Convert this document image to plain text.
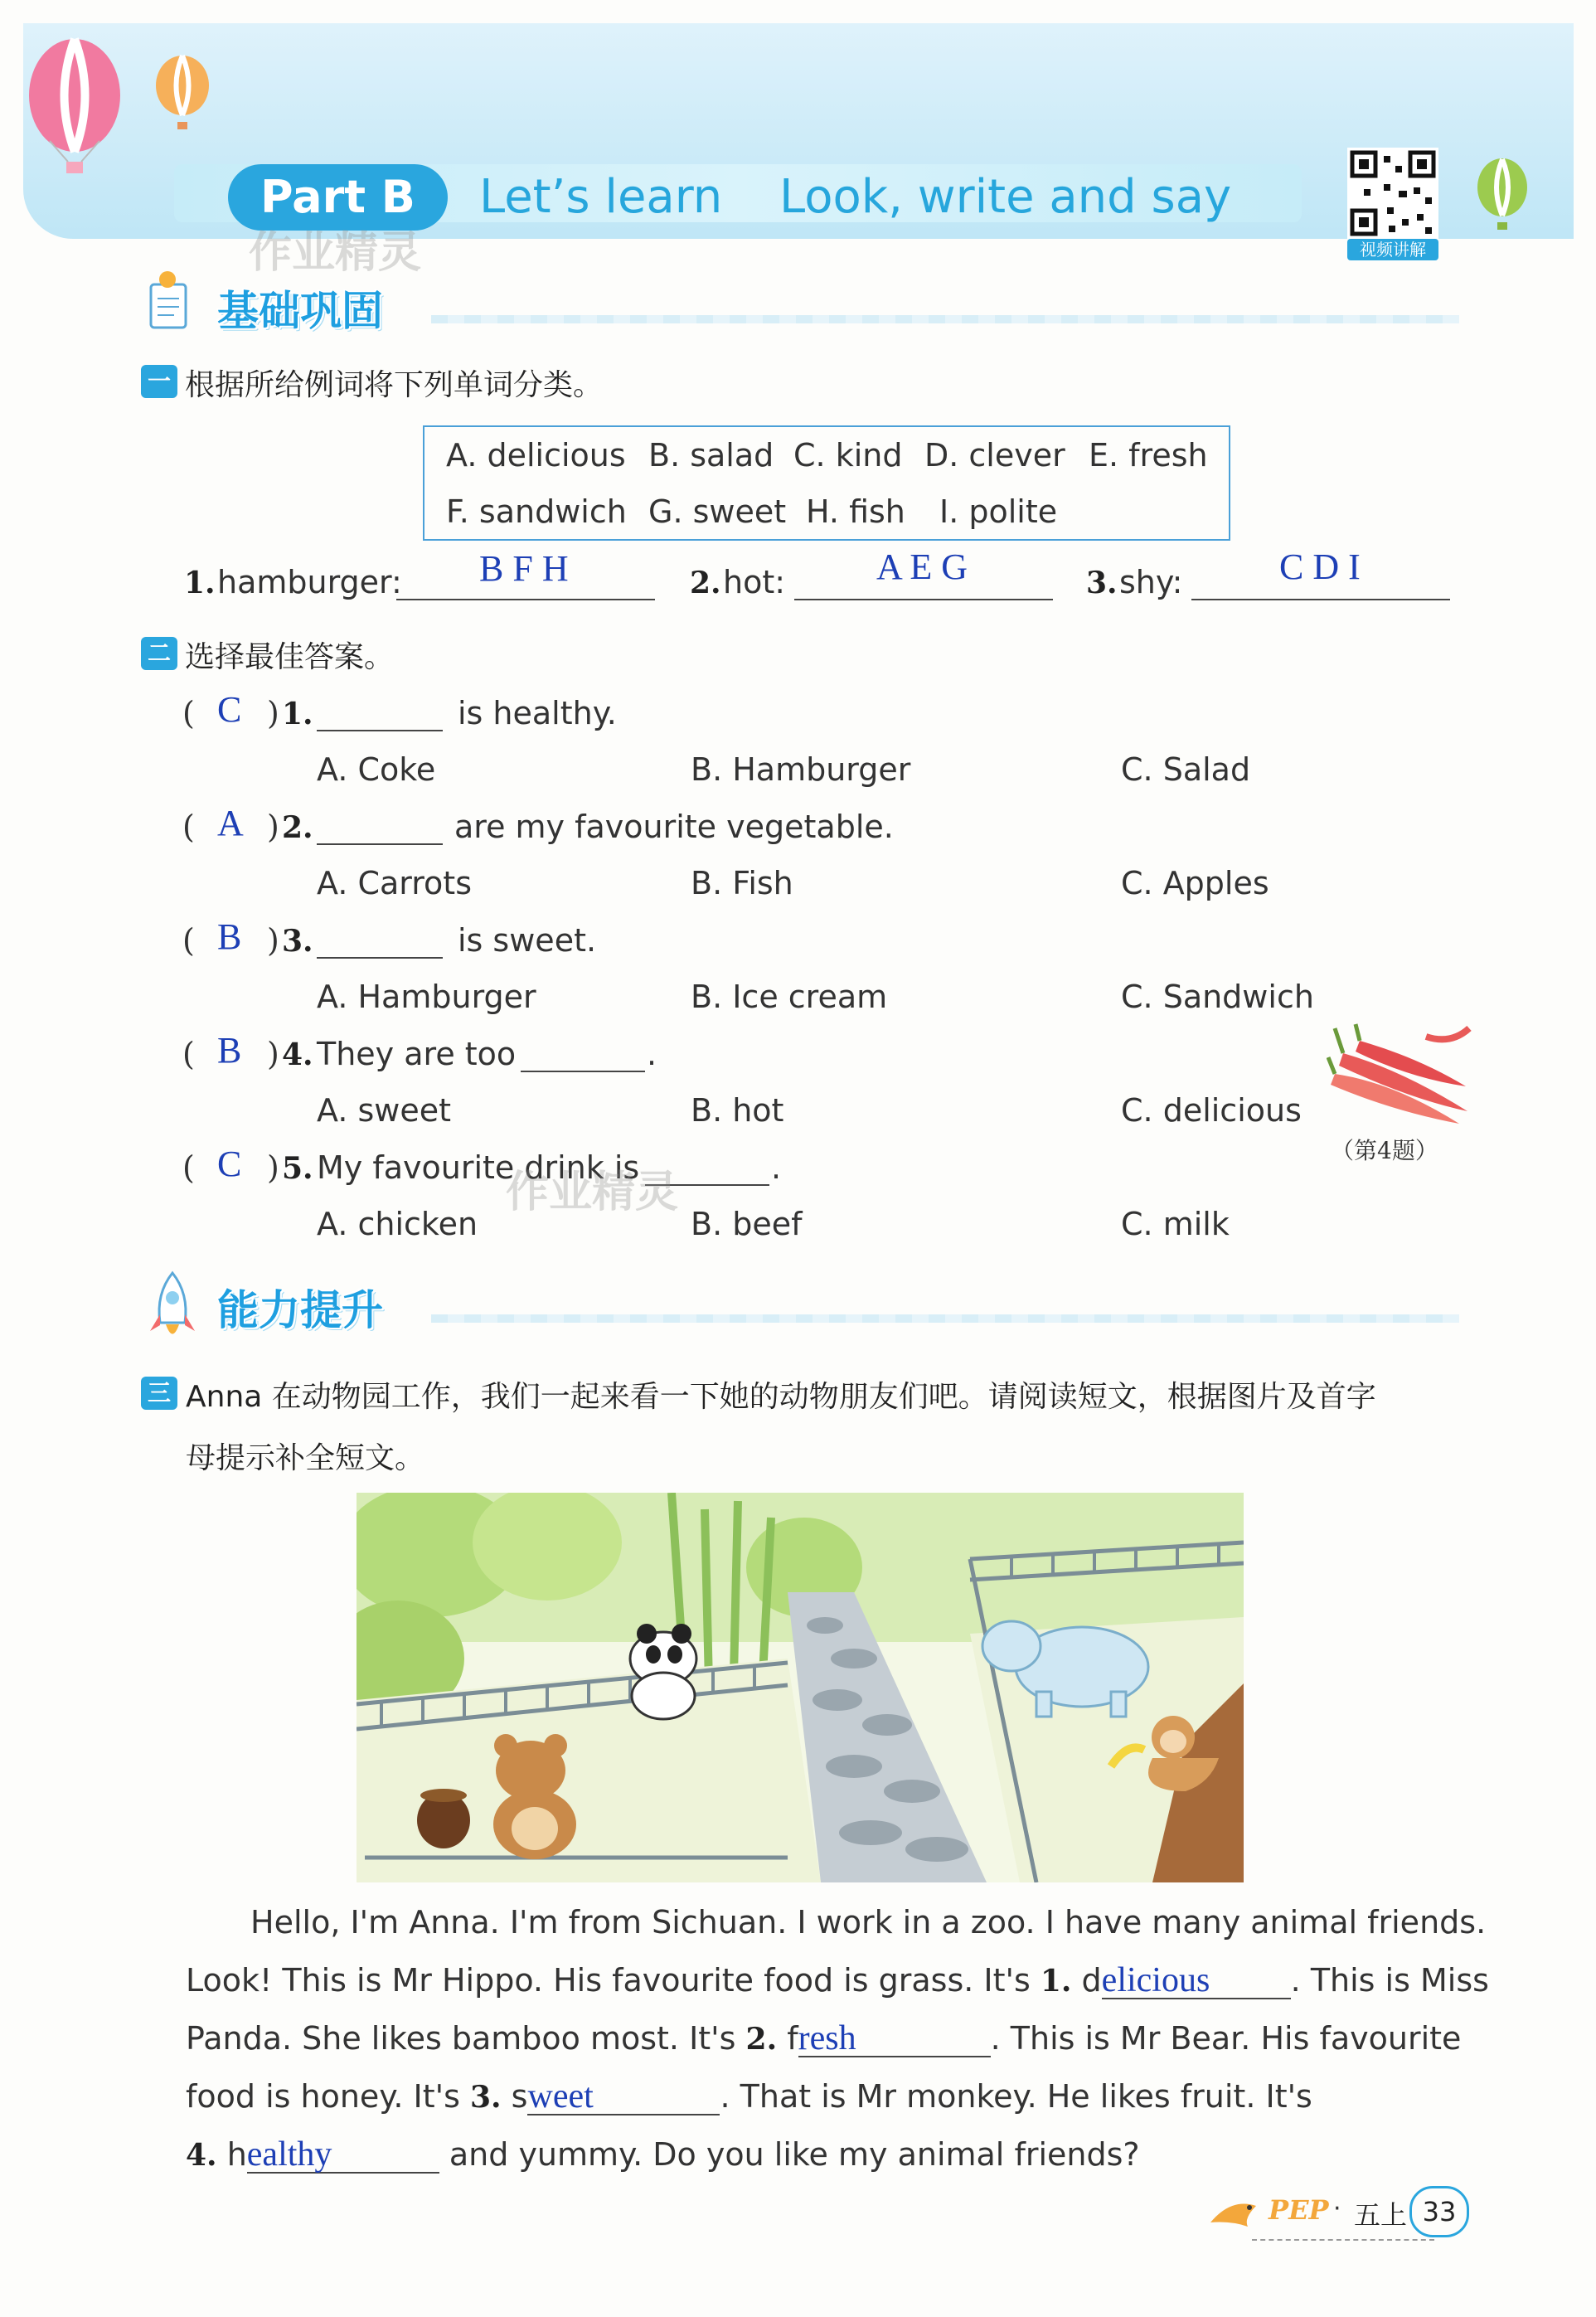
Part B	Let’s learn Look, write and say
视频讲解
作业精灵
基础巩固
一 根据所给例词将下列单词分类。
A. delicious B. salad C. kind D. clever E. fresh
F. sandwich G. sweet H. fish I. polite
1. hamburger: B F H	2. hot: A E G	3. shy:	C D I
二 选择最佳答案。
( C ) 1.	is healthy.
A. Coke	B. Hamburger	C. Salad
( A ) 2.	are my favourite vegetable.
A. Carrots	B. Fish	C. Apples
( B ) 3.	is sweet.
A. Hamburger	B. Ice cream	C. Sandwich
( B ) 4. They are too	.
A. sweet	B. hot	C. delicious
（第4题）
( C ) 5. My favourite drink is	.
作业精灵
A. chicken	B. beef	C. milk
能力提升
三 Anna 在动物园工作，我们一起来看一下她的动物朋友们吧。请阅读短文，根据图片及首字
母提示补全短文。
Hello, I'm Anna. I'm from Sichuan. I work in a zoo. I have many animal friends.
Look! This is Mr Hippo. His favourite food is grass. It's 1. delicious	. This is Miss
Panda. She likes bamboo most. It's 2. fresh	. This is Mr Bear. His favourite
food is honey. It's 3. sweet	. That is Mr monkey. He likes fruit. It's
4. healthy	and yummy. Do you like my animal friends?
PEP · 五上 33
